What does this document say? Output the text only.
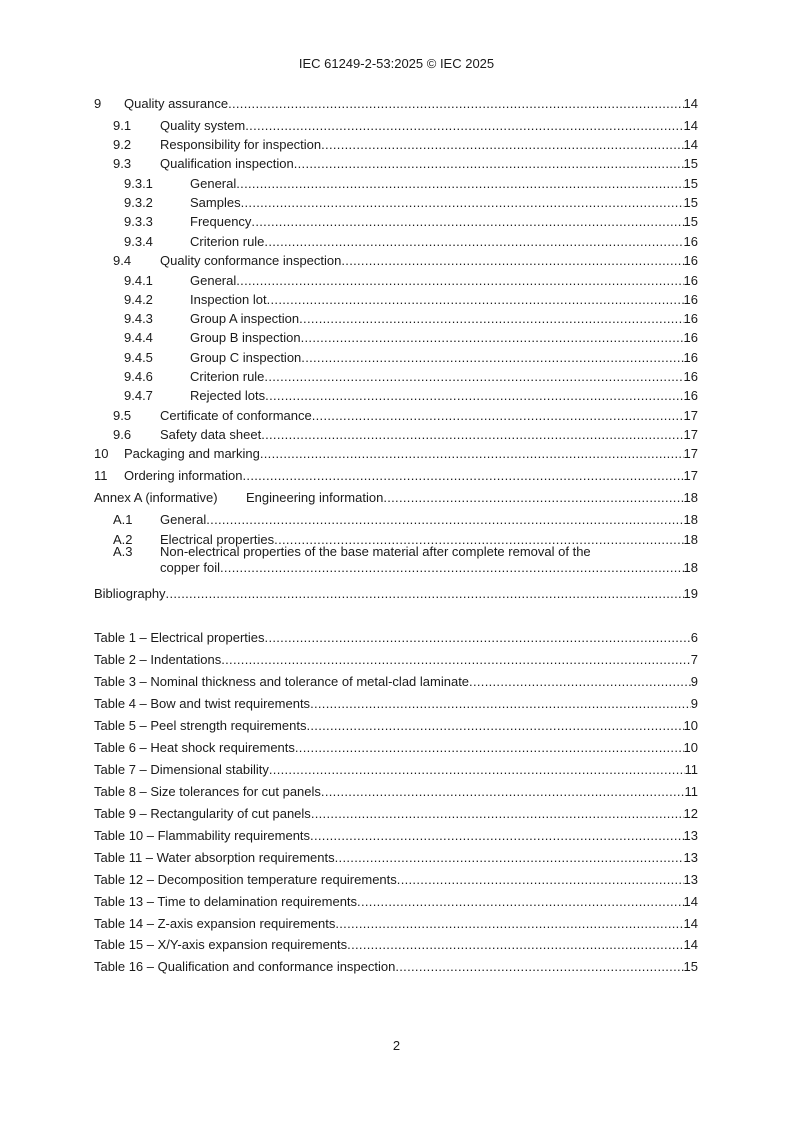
IEC 61249-2-53:2025 © IEC 2025
9	Quality assurance .....	14
9.1	Quality system .....	14
9.2	Responsibility for inspection .....	14
9.3	Qualification inspection .....	15
9.3.1	General .....	15
9.3.2	Samples .....	15
9.3.3	Frequency .....	15
9.3.4	Criterion rule .....	16
9.4	Quality conformance inspection .....	16
9.4.1	General .....	16
9.4.2	Inspection lot .....	16
9.4.3	Group A inspection .....	16
9.4.4	Group B inspection .....	16
9.4.5	Group C inspection .....	16
9.4.6	Criterion rule .....	16
9.4.7	Rejected lots .....	16
9.5	Certificate of conformance .....	17
9.6	Safety data sheet .....	17
10	Packaging and marking .....	17
11	Ordering information .....	17
Annex A (informative)	Engineering information .....	18
A.1	General .....	18
A.2	Electrical properties .....	18
A.3	Non-electrical properties of the base material after complete removal of the
copper foil .....	18
Bibliography .....	19
Table 1 – Electrical properties .....	6
Table 2 – Indentations .....	7
Table 3 – Nominal thickness and tolerance of metal-clad laminate .....	9
Table 4 – Bow and twist requirements .....	9
Table 5 – Peel strength requirements .....	10
Table 6 – Heat shock requirements .....	10
Table 7 – Dimensional stability .....	11
Table 8 – Size tolerances for cut panels .....	11
Table 9 – Rectangularity of cut panels .....	12
Table 10 – Flammability requirements .....	13
Table 11 – Water absorption requirements .....	13
Table 12 – Decomposition temperature requirements .....	13
Table 13 – Time to delamination requirements .....	14
Table 14 – Z-axis expansion requirements .....	14
Table 15 – X/Y-axis expansion requirements .....	14
Table 16 – Qualification and conformance inspection .....	15
2
